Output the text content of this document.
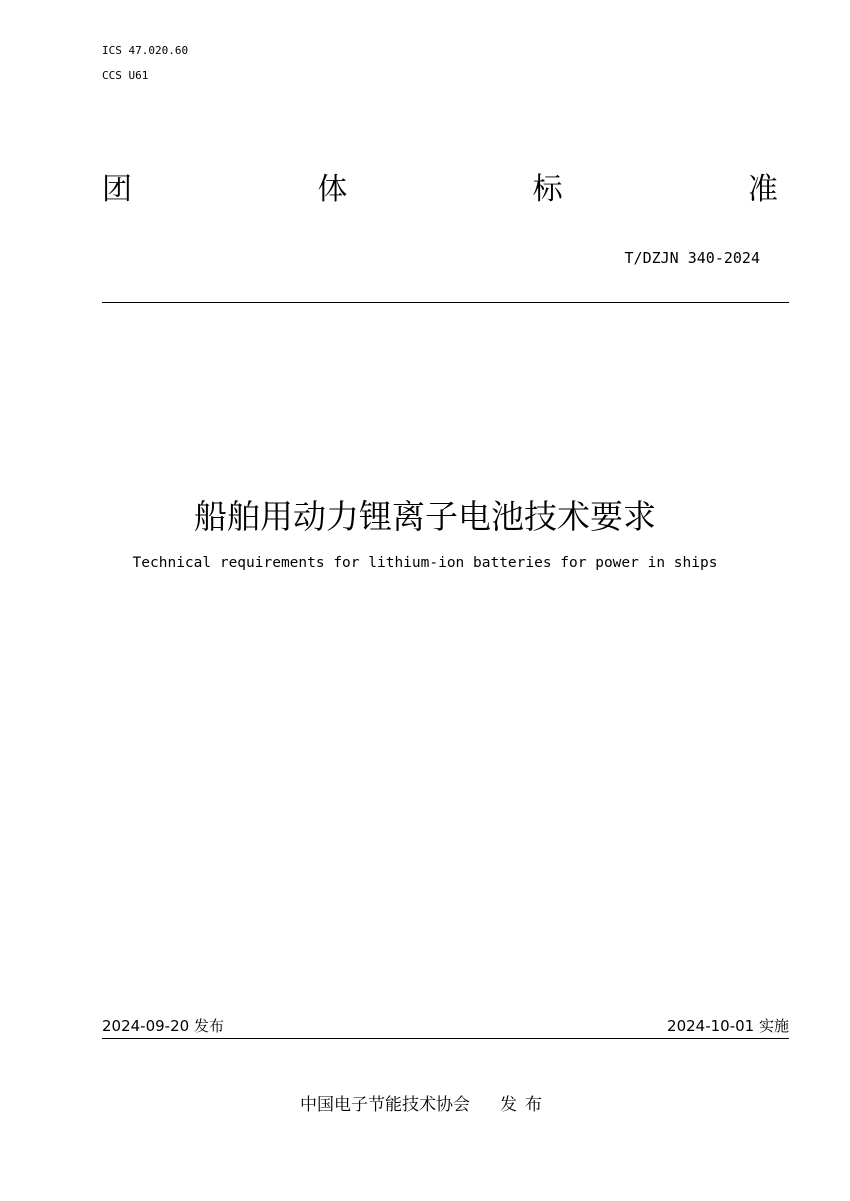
ICS 47.020.60
CCS U61
团	体	标	准
T/DZJN 340-2024
船舶用动力锂离子电池技术要求
Technical requirements for lithium-ion batteries for power in ships
2024-09-20 发布	2024-10-01 实施
中国电子节能技术协会 发布
